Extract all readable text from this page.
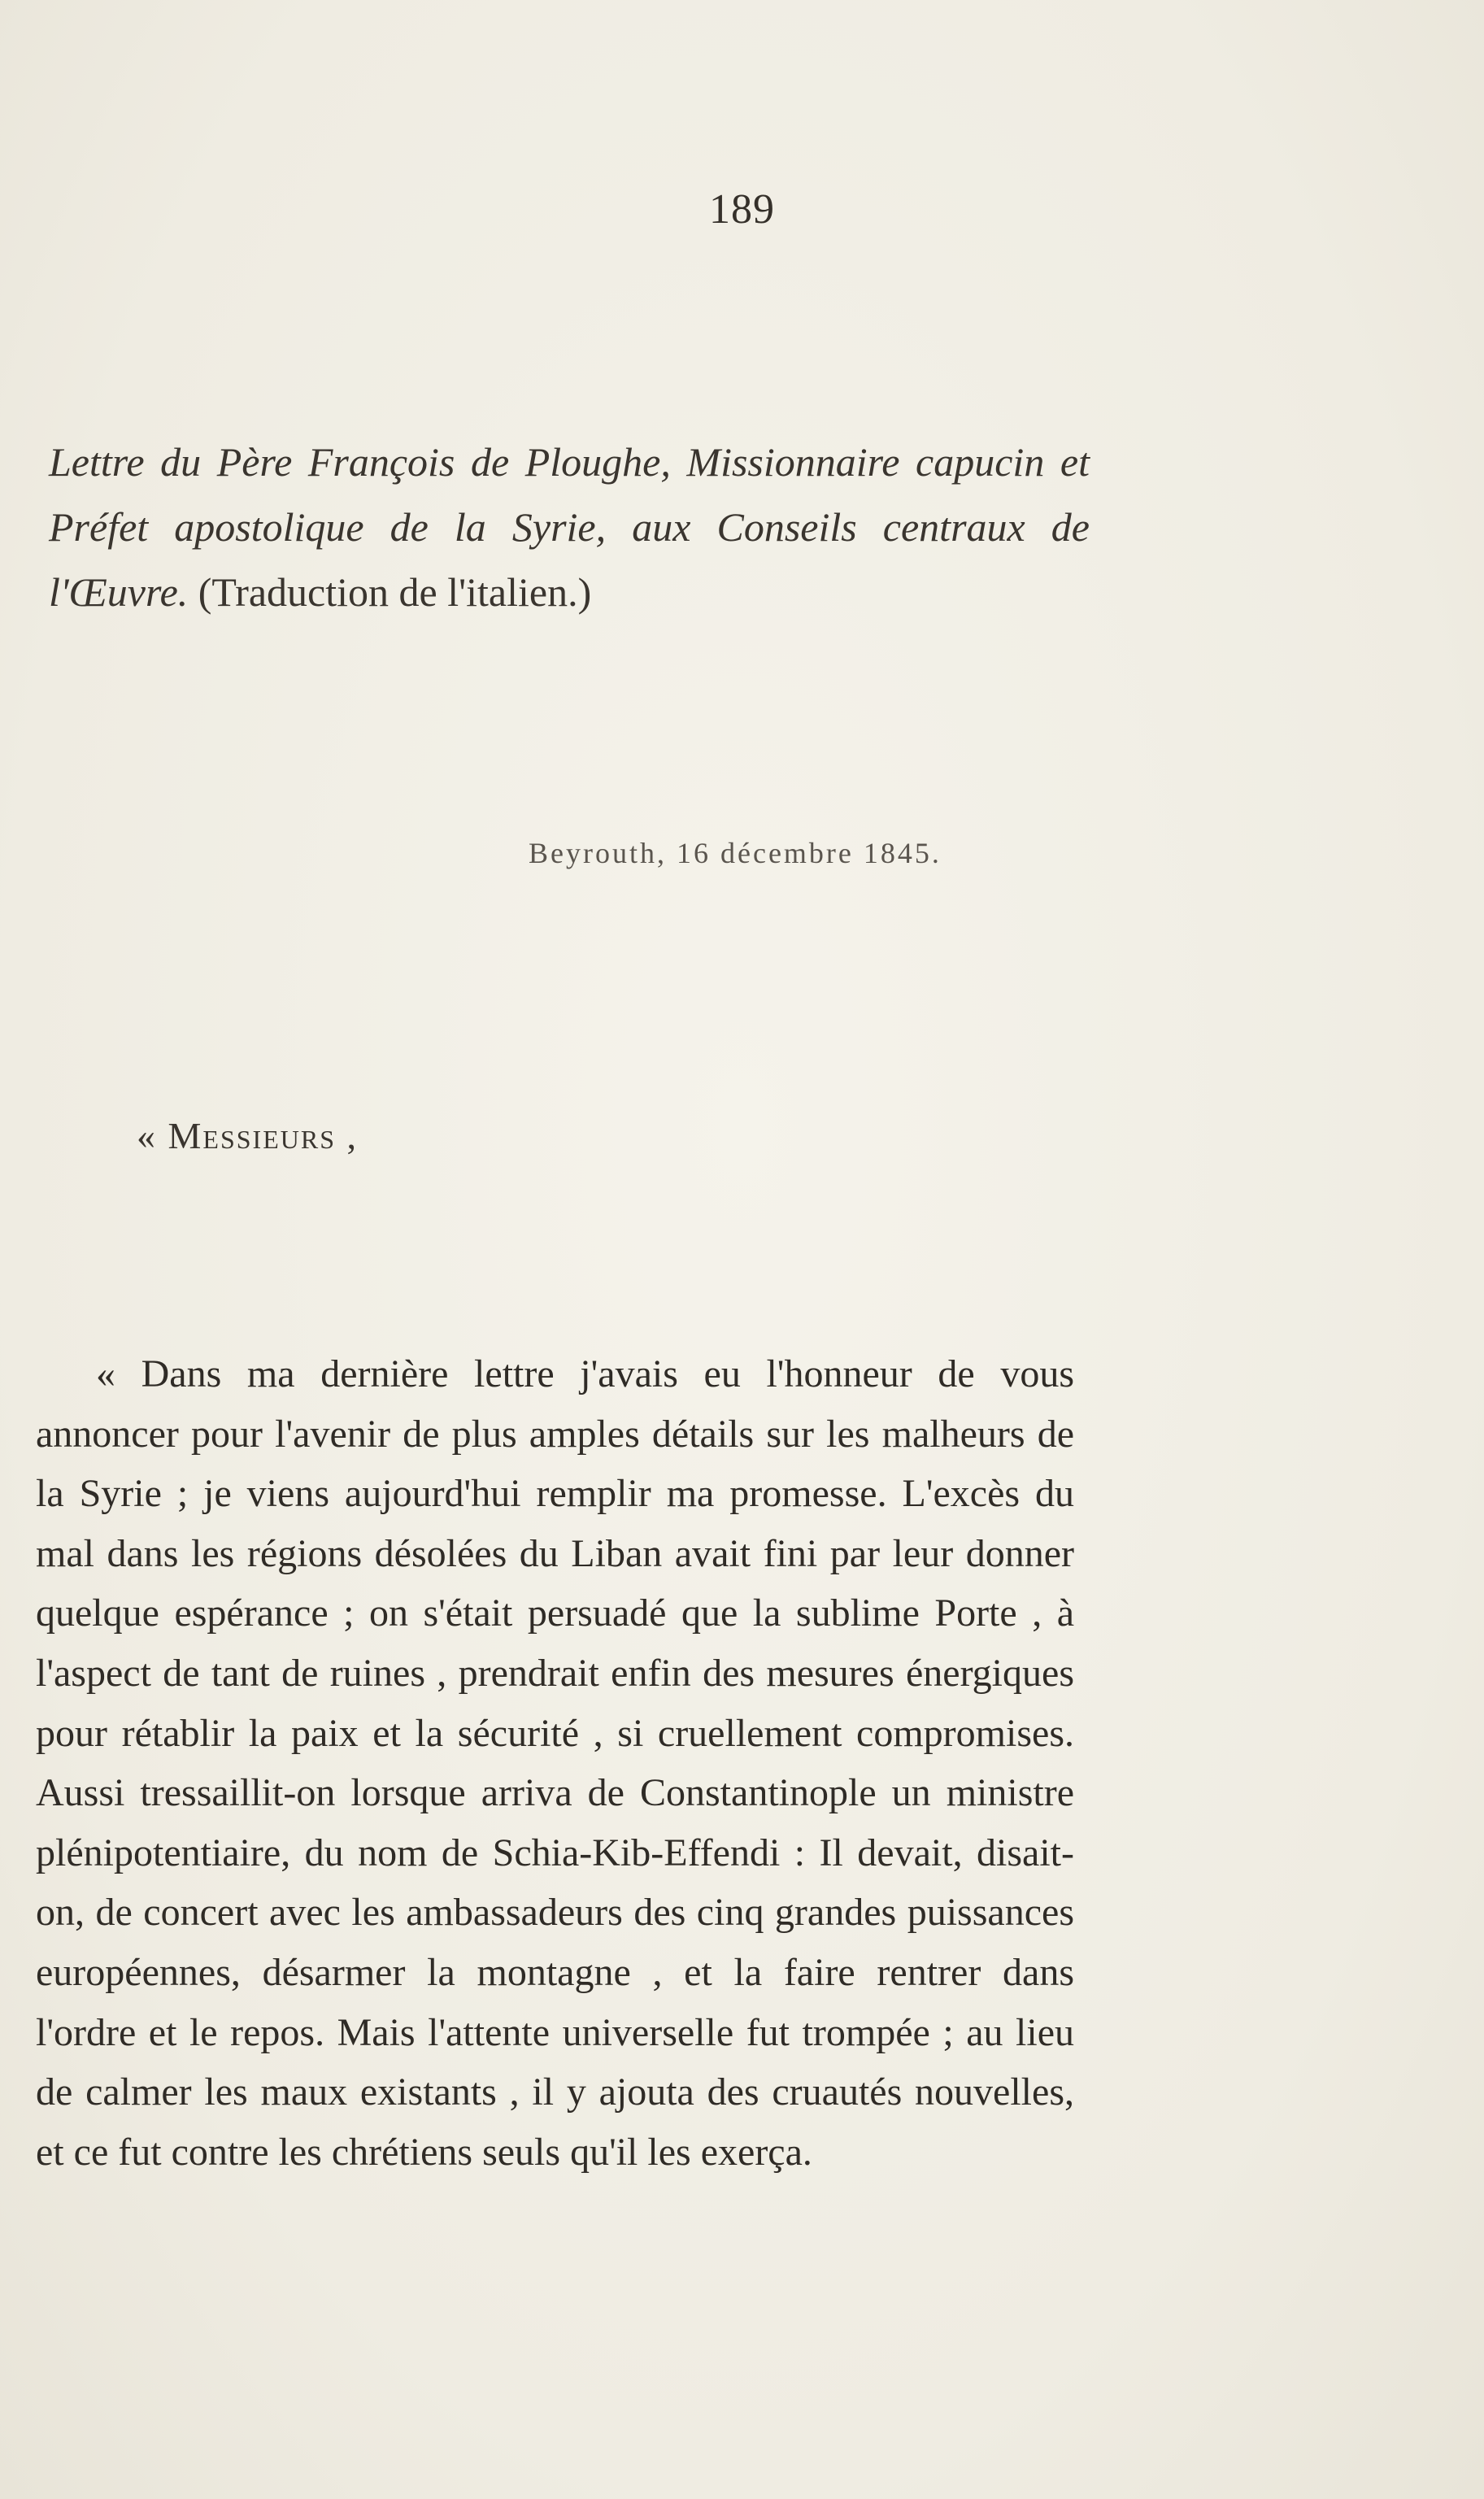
189
Lettre du Père François de Ploughe, Missionnaire capucin et Préfet apostolique de la Syrie, aux Conseils centraux de l'Œuvre. (Traduction de l'italien.)
Beyrouth, 16 décembre 1845.
« Messieurs ,
« Dans ma dernière lettre j'avais eu l'honneur de vous annoncer pour l'avenir de plus amples détails sur les malheurs de la Syrie ; je viens aujourd'hui remplir ma promesse. L'excès du mal dans les régions désolées du Liban avait fini par leur donner quelque espérance ; on s'était persuadé que la sublime Porte , à l'aspect de tant de ruines , prendrait enfin des mesures énergiques pour rétablir la paix et la sécurité , si cruellement compromises. Aussi tressaillit-on lorsque arriva de Constantinople un ministre plénipotentiaire, du nom de Schia-Kib-Effendi : Il devait, disait-on, de concert avec les ambassadeurs des cinq grandes puissances européennes, désarmer la montagne , et la faire rentrer dans l'ordre et le repos. Mais l'attente universelle fut trompée ; au lieu de calmer les maux existants , il y ajouta des cruautés nouvelles, et ce fut contre les chrétiens seuls qu'il les exerça.
